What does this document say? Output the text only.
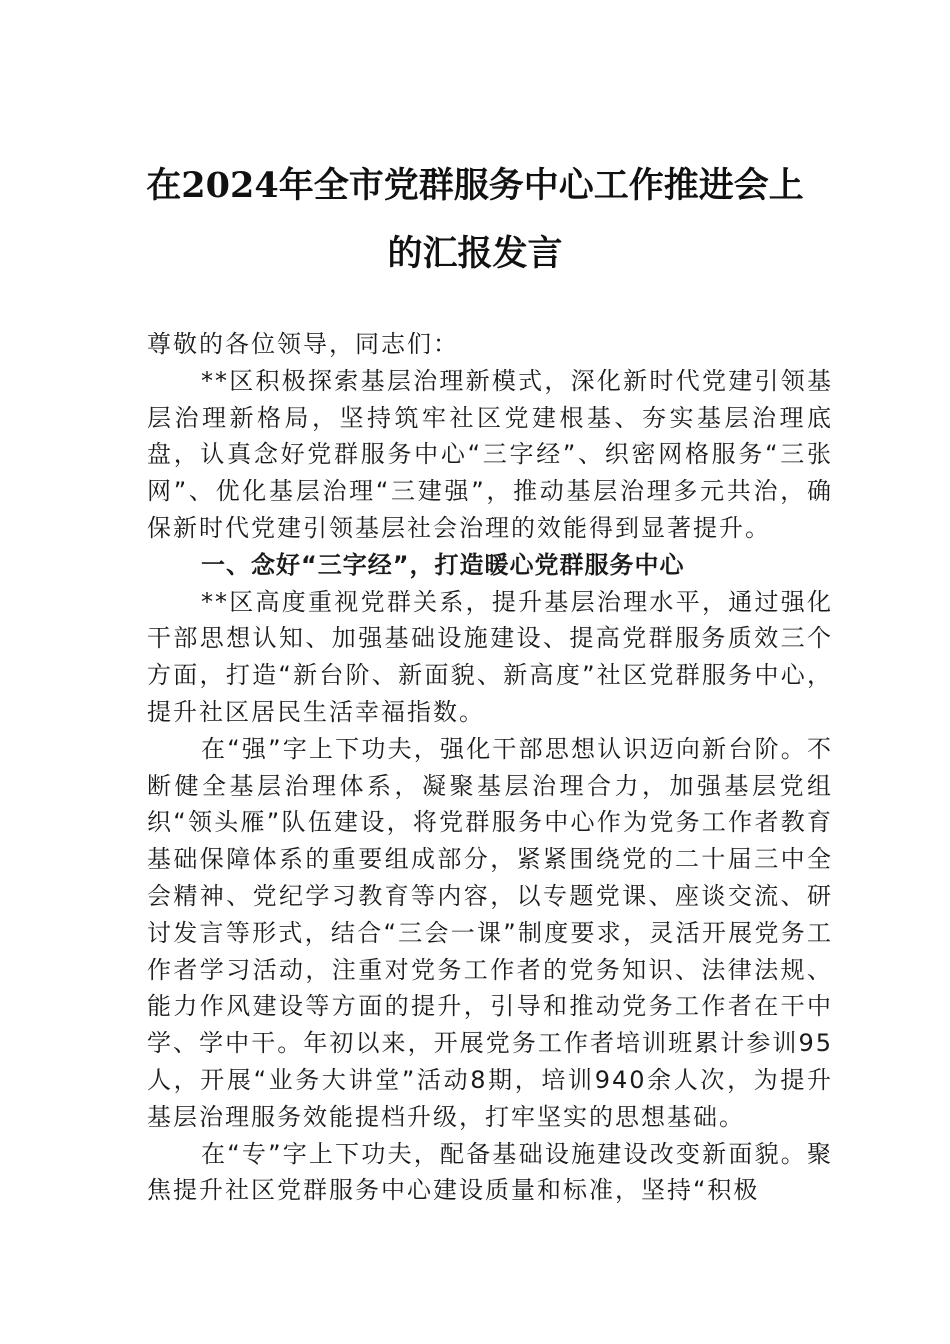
在2024年全市党群服务中心工作推进会上
的汇报发言

尊敬的各位领导，同志们：

**区积极探索基层治理新模式，深化新时代党建引领基层治理新格局，坚持筑牢社区党建根基、夯实基层治理底盘，认真念好党群服务中心“三字经”、织密网格服务“三张网”、优化基层治理“三建强”，推动基层治理多元共治，确保新时代党建引领基层社会治理的效能得到显著提升。

一、念好“三字经”，打造暖心党群服务中心

**区高度重视党群关系，提升基层治理水平，通过强化干部思想认知、加强基础设施建设、提高党群服务质效三个方面，打造“新台阶、新面貌、新高度”社区党群服务中心，提升社区居民生活幸福指数。

在“强”字上下功夫，强化干部思想认识迈向新台阶。不断健全基层治理体系，凝聚基层治理合力，加强基层党组织“领头雁”队伍建设，将党群服务中心作为党务工作者教育基础保障体系的重要组成部分，紧紧围绕党的二十届三中全会精神、党纪学习教育等内容，以专题党课、座谈交流、研讨发言等形式，结合“三会一课”制度要求，灵活开展党务工作者学习活动，注重对党务工作者的党务知识、法律法规、能力作风建设等方面的提升，引导和推动党务工作者在干中学、学中干。年初以来，开展党务工作者培训班累计参训95人，开展“业务大讲堂”活动8期，培训940余人次，为提升基层治理服务效能提档升级，打牢坚实的思想基础。

在“专”字上下功夫，配备基础设施建设改变新面貌。聚焦提升社区党群服务中心建设质量和标准，坚持“积极
